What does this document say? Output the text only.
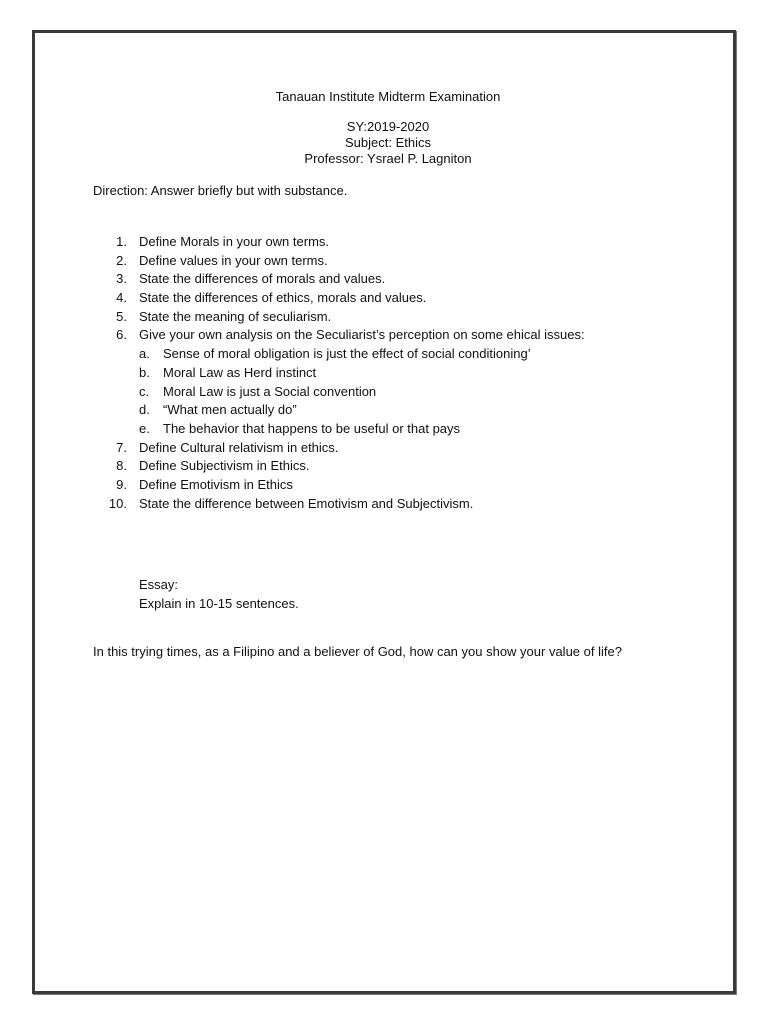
Tanauan Institute Midterm Examination
SY:2019-2020
Subject: Ethics
Professor: Ysrael P. Lagniton
Direction: Answer briefly but with substance.
1. Define Morals in your own terms.
2. Define values in your own terms.
3. State the differences of morals and values.
4. State the differences of ethics, morals and values.
5. State the meaning of seculiarism.
6. Give your own analysis on the Seculiarist’s perception on some ehical issues:
a. Sense of moral obligation is just the effect of social conditioning’
b. Moral Law as Herd instinct
c. Moral Law is just a Social convention
d. “What men actually do”
e. The behavior that happens to be useful or that pays
7. Define Cultural relativism in ethics.
8. Define Subjectivism in Ethics.
9. Define Emotivism in Ethics
10. State the difference between Emotivism and Subjectivism.
Essay:
Explain in 10-15 sentences.
In this trying times, as a Filipino and a believer of God, how can you show your value of life?
